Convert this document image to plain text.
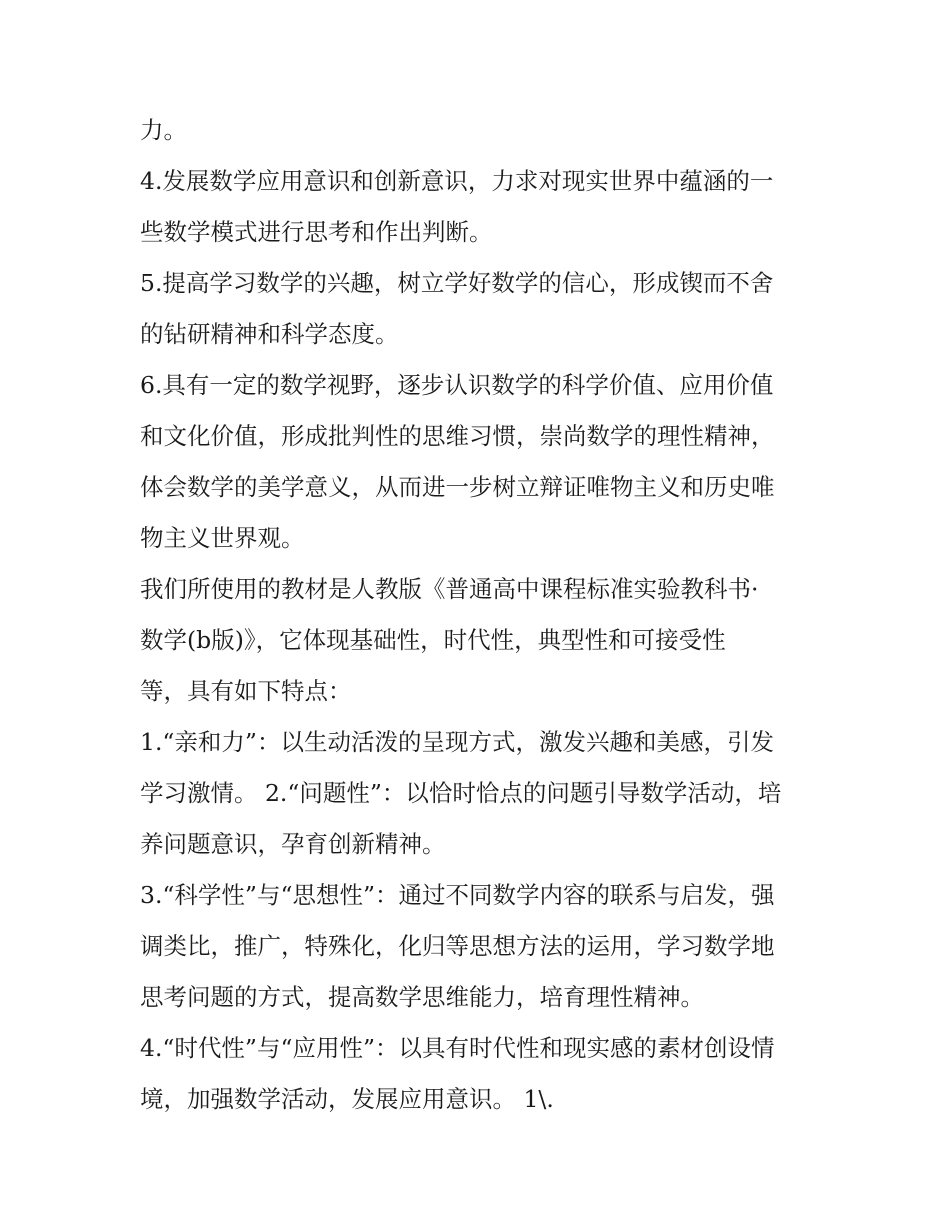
力。
4.发展数学应用意识和创新意识，力求对现实世界中蕴涵的一
些数学模式进行思考和作出判断。
5.提高学习数学的兴趣，树立学好数学的信心，形成锲而不舍
的钻研精神和科学态度。
6.具有一定的数学视野，逐步认识数学的科学价值、应用价值
和文化价值，形成批判性的思维习惯，崇尚数学的理性精神，
体会数学的美学意义，从而进一步树立辩证唯物主义和历史唯
物主义世界观。
我们所使用的教材是人教版《普通高中课程标准实验教科书·
数学(b版)》，它体现基础性，时代性，典型性和可接受性
等，具有如下特点：
1.“亲和力”：以生动活泼的呈现方式，激发兴趣和美感，引发
学习激情。 2.“问题性”：以恰时恰点的问题引导数学活动，培
养问题意识，孕育创新精神。
3.“科学性”与“思想性”：通过不同数学内容的联系与启发，强
调类比，推广，特殊化，化归等思想方法的运用，学习数学地
思考问题的方式，提高数学思维能力，培育理性精神。
4.“时代性”与“应用性”：以具有时代性和现实感的素材创设情
境，加强数学活动，发展应用意识。 1\.
